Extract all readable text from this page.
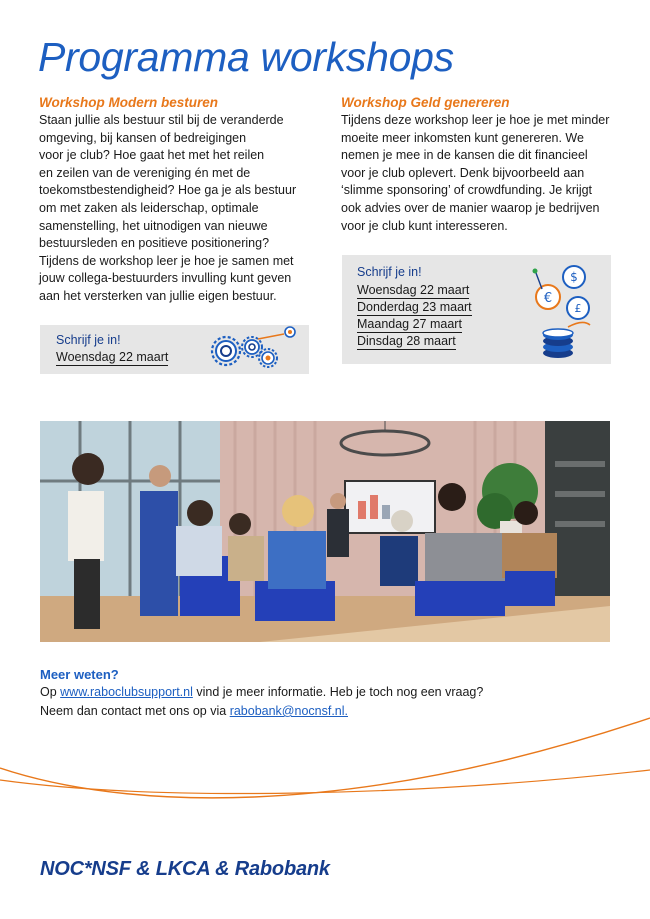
Programma workshops
Workshop Modern besturen
Staan jullie als bestuur stil bij de veranderde
omgeving, bij kansen of bedreigingen
voor je club? Hoe gaat het met het reilen
en zeilen van de vereniging én met de
toekomstbestendigheid? Hoe ga je als bestuur
om met zaken als leiderschap, optimale
samenstelling, het uitnodigen van nieuwe
bestuursleden en positieve positionering?
Tijdens de workshop leer je hoe je samen met
jouw collega-bestuurders invulling kunt geven
aan het versterken van jullie eigen bestuur.
Workshop Geld genereren
Tijdens deze workshop leer je hoe je met minder
moeite meer inkomsten kunt genereren. We
nemen je mee in de kansen die dit financieel
voor je club oplevert. Denk bijvoorbeeld aan
‘slimme sponsoring’ of crowdfunding. Je krijgt
ook advies over de manier waarop je bedrijven
voor je club kunt interesseren.
Schrijf je in!
Woensdag 22 maart
Schrijf je in!
Woensdag 22 maart
Donderdag 23 maart
Maandag 27 maart
Dinsdag 28 maart
$
€
£
Meer weten?
Op www.raboclubsupport.nl vind je meer informatie. Heb je toch nog een vraag?
Neem dan contact met ons op via rabobank@nocnsf.nl.
NOC*NSF & LKCA & Rabobank
